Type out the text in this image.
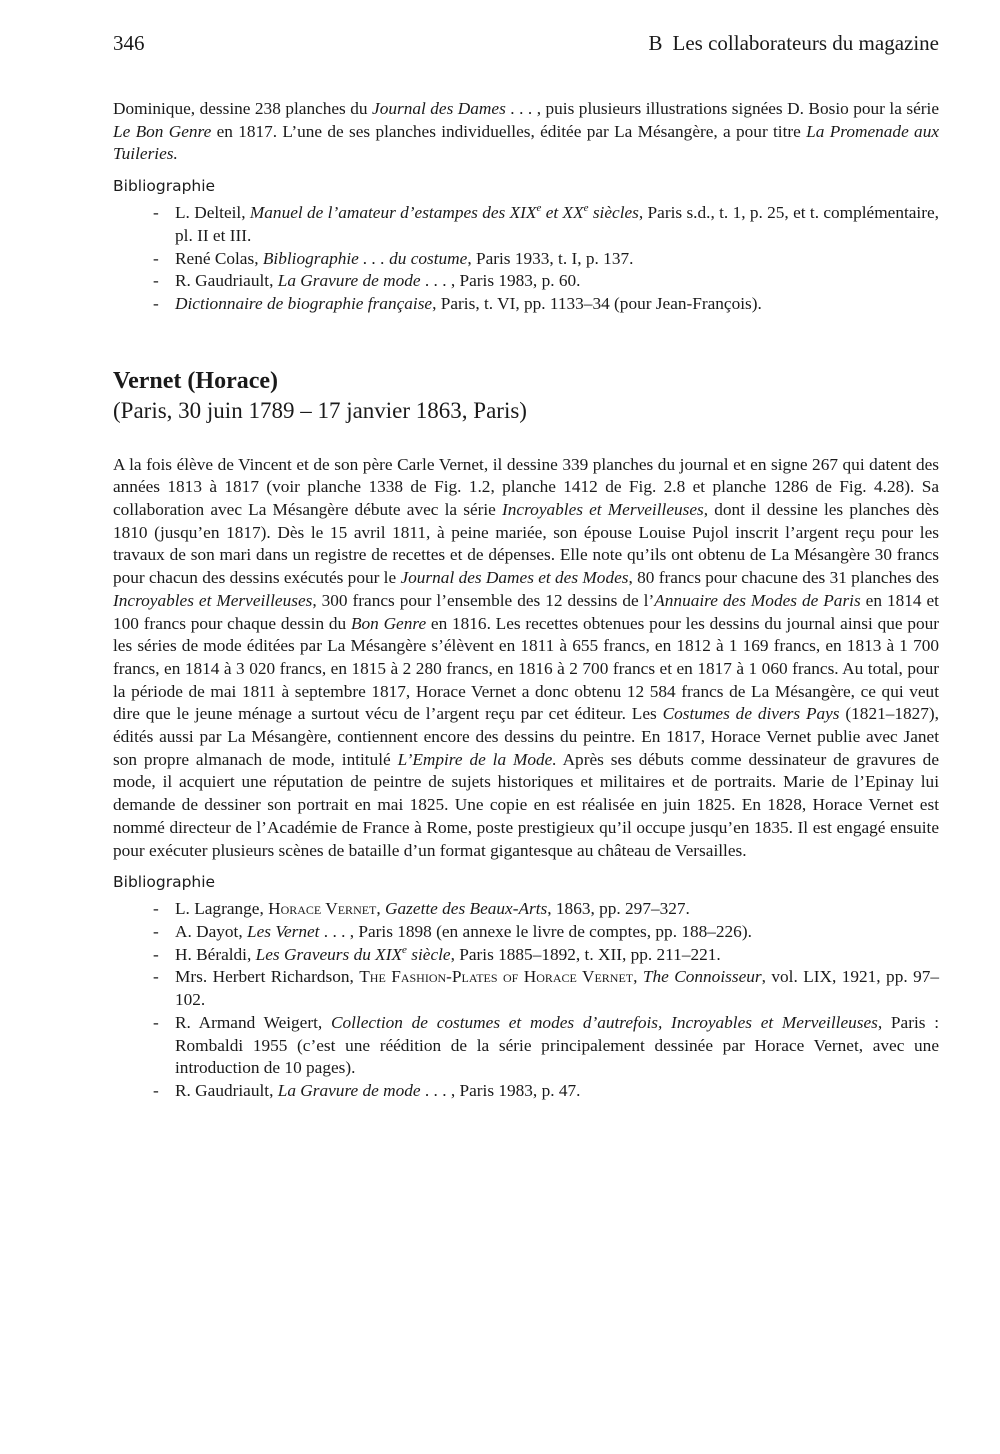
346	B Les collaborateurs du magazine

Dominique, dessine 238 planches du Journal des Dames . . . , puis plusieurs illustrations signées D. Bosio pour la série Le Bon Genre en 1817. L’une de ses planches individuelles, éditée par La Mésangère, a pour titre La Promenade aux Tuileries.

Bibliographie
- L. Delteil, Manuel de l’amateur d’estampes des XIXe et XXe siècles, Paris s.d., t. 1, p. 25, et t. complémentaire, pl. II et III.
- René Colas, Bibliographie . . . du costume, Paris 1933, t. I, p. 137.
- R. Gaudriault, La Gravure de mode . . . , Paris 1983, p. 60.
- Dictionnaire de biographie française, Paris, t. VI, pp. 1133–34 (pour Jean-François).
Vernet (Horace)
(Paris, 30 juin 1789 – 17 janvier 1863, Paris)

A la fois élève de Vincent et de son père Carle Vernet, il dessine 339 planches du journal et en signe 267 qui datent des années 1813 à 1817 (voir planche 1338 de Fig. 1.2, planche 1412 de Fig. 2.8 et planche 1286 de Fig. 4.28). Sa collaboration avec La Mésangère débute avec la série Incroyables et Merveilleuses, dont il dessine les planches dès 1810 (jusqu’en 1817). Dès le 15 avril 1811, à peine mariée, son épouse Louise Pujol inscrit l’argent reçu pour les travaux de son mari dans un registre de recettes et de dépenses. Elle note qu’ils ont obtenu de La Mésangère 30 francs pour chacun des dessins exécutés pour le Journal des Dames et des Modes, 80 francs pour chacune des 31 planches des Incroyables et Merveilleuses, 300 francs pour l’ensemble des 12 dessins de l’Annuaire des Modes de Paris en 1814 et 100 francs pour chaque dessin du Bon Genre en 1816. Les recettes obtenues pour les dessins du journal ainsi que pour les séries de mode éditées par La Mésangère s’élèvent en 1811 à 655 francs, en 1812 à 1 169 francs, en 1813 à 1 700 francs, en 1814 à 3 020 francs, en 1815 à 2 280 francs, en 1816 à 2 700 francs et en 1817 à 1 060 francs. Au total, pour la période de mai 1811 à septembre 1817, Horace Vernet a donc obtenu 12 584 francs de La Mésangère, ce qui veut dire que le jeune ménage a surtout vécu de l’argent reçu par cet éditeur. Les Costumes de divers Pays (1821–1827), édités aussi par La Mésangère, contiennent encore des dessins du peintre. En 1817, Horace Vernet publie avec Janet son propre almanach de mode, intitulé L’Empire de la Mode. Après ses débuts comme dessinateur de gravures de mode, il acquiert une réputation de peintre de sujets historiques et militaires et de portraits. Marie de l’Epinay lui demande de dessiner son portrait en mai 1825. Une copie en est réalisée en juin 1825. En 1828, Horace Vernet est nommé directeur de l’Académie de France à Rome, poste prestigieux qu’il occupe jusqu’en 1835. Il est engagé ensuite pour exécuter plusieurs scènes de bataille d’un format gigantesque au château de Versailles.

Bibliographie
- L. Lagrange, Horace Vernet, Gazette des Beaux-Arts, 1863, pp. 297–327.
- A. Dayot, Les Vernet . . . , Paris 1898 (en annexe le livre de comptes, pp. 188–226).
- H. Béraldi, Les Graveurs du XIXe siècle, Paris 1885–1892, t. XII, pp. 211–221.
- Mrs. Herbert Richardson, The Fashion-Plates of Horace Vernet, The Connoisseur, vol. LIX, 1921, pp. 97–102.
- R. Armand Weigert, Collection de costumes et modes d’autrefois, Incroyables et Merveilleuses, Paris : Rombaldi 1955 (c’est une réédition de la série principalement dessinée par Horace Vernet, avec une introduction de 10 pages).
- R. Gaudriault, La Gravure de mode . . . , Paris 1983, p. 47.
